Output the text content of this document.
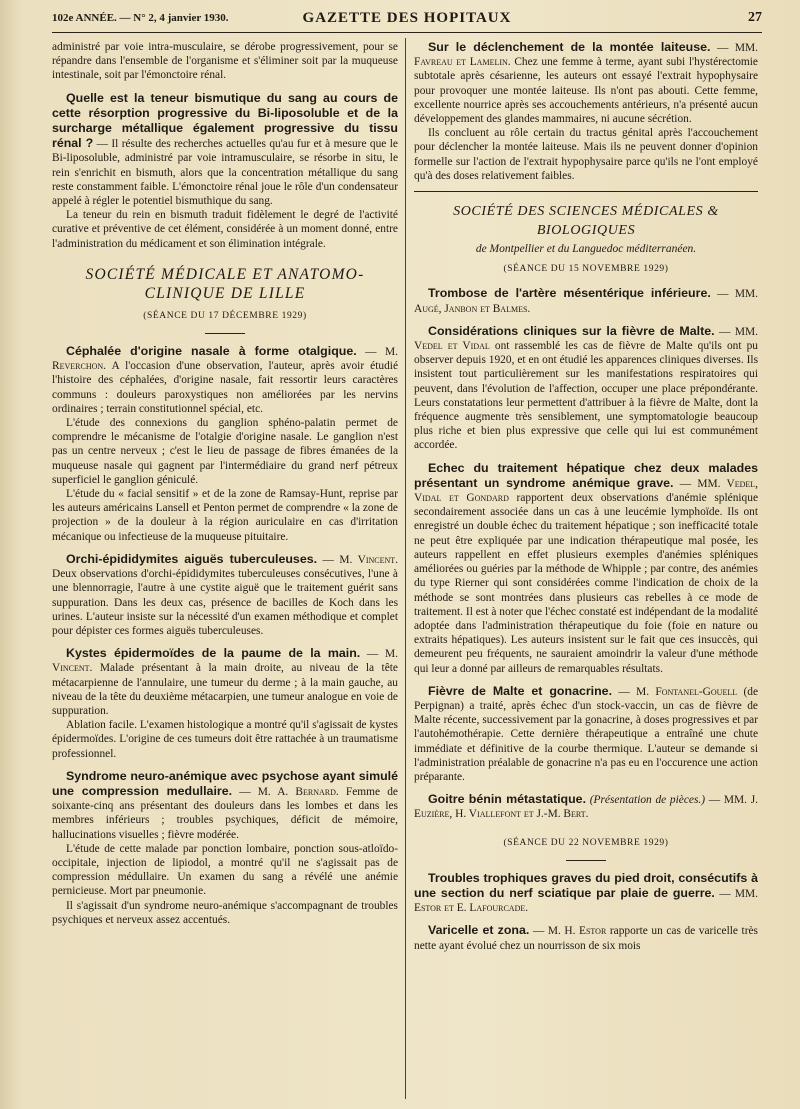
102e ANNÉE. — N° 2, 4 janvier 1930.	GAZETTE DES HOPITAUX	27

administré par voie intra-musculaire, se dérobe progressivement, pour se répandre dans l'ensemble de l'organisme et s'éliminer soit par la muqueuse intestinale, soit par l'émonctoire rénal.

Quelle est la teneur bismutique du sang au cours de cette résorption progressive du Bi-liposoluble et de la surcharge métallique également progressive du tissu rénal ? — Il résulte des recherches actuelles qu'au fur et à mesure que le Bi-liposoluble, administré par voie intramusculaire, se résorbe in situ, le rein s'enrichit en bismuth, alors que la concentration métallique du sang reste constamment faible. L'émonctoire rénal joue le rôle d'un condensateur appelé à régler le potentiel bismuthique du sang.

La teneur du rein en bismuth traduit fidèlement le degré de l'activité curative et préventive de cet élément, considérée à un moment donné, entre l'administration du médicament et son élimination intégrale.

SOCIÉTÉ MÉDICALE ET ANATOMO-CLINIQUE DE LILLE
(SÉANCE DU 17 DÉCEMBRE 1929)

Céphalée d'origine nasale à forme otalgique. — M. Reverchon. A l'occasion d'une observation, l'auteur, après avoir étudié l'histoire des céphalées, d'origine nasale, fait ressortir leurs caractères communs : douleurs paroxystiques non améliorées par les nervins ordinaires ; terrain constitutionnel spécial, etc.

L'étude des connexions du ganglion sphéno-palatin permet de comprendre le mécanisme de l'otalgie d'origine nasale. Le ganglion n'est pas un centre nerveux ; c'est le lieu de passage de fibres émanées de la muqueuse nasale qui gagnent par l'intermédiaire du grand nerf pétreux superficiel le ganglion géniculé.

L'étude du « facial sensitif » et de la zone de Ramsay-Hunt, reprise par les auteurs américains Lansell et Penton permet de comprendre « la zone de projection » de la douleur à la région auriculaire en cas d'irritation mécanique ou infectieuse de la muqueuse pituitaire.

Orchi-épididymites aiguës tuberculeuses. — M. Vincent. Deux observations d'orchi-épididymites tuberculeuses consécutives, l'une à une blennorragie, l'autre à une cystite aiguë que le traitement guérit sans suppuration. Dans les deux cas, présence de bacilles de Koch dans les urines. L'auteur insiste sur la nécessité d'un examen méthodique et complet pour dépister ces formes aiguës tuberculeuses.

Kystes épidermoïdes de la paume de la main. — M. Vincent. Malade présentant à la main droite, au niveau de la tête métacarpienne de l'annulaire, une tumeur du derme ; à la main gauche, au niveau de la tête du deuxième métacarpien, une tumeur analogue en voie de suppuration.

Ablation facile. L'examen histologique a montré qu'il s'agissait de kystes épidermoïdes. L'origine de ces tumeurs doit être rattachée à un traumatisme professionnel.

Syndrome neuro-anémique avec psychose ayant simulé une compression medullaire. — M. A. Bernard. Femme de soixante-cinq ans présentant des douleurs dans les lombes et dans les membres inférieurs ; troubles psychiques, déficit de mémoire, hallucinations visuelles ; fièvre modérée.

L'étude de cette malade par ponction lombaire, ponction sous-atloïdo-occipitale, injection de lipiodol, a montré qu'il ne s'agissait pas de compression médullaire. Un examen du sang a révélé une anémie pernicieuse. Mort par pneumonie.

Il s'agissait d'un syndrome neuro-anémique s'accompagnant de troubles psychiques et nerveux assez accentués.

Sur le déclenchement de la montée laiteuse. — MM. Favreau et Lamelin. Chez une femme à terme, ayant subi l'hystérectomie subtotale après césarienne, les auteurs ont essayé l'extrait hypophysaire pour provoquer une montée laiteuse. Ils n'ont pas abouti. Cette femme, excellente nourrice après ses accouchements antérieurs, n'a présenté aucun développement des glandes mammaires, ni aucune sécrétion.

Ils concluent au rôle certain du tractus génital après l'accouchement pour déclencher la montée laiteuse. Mais ils ne peuvent donner d'opinion formelle sur l'action de l'extrait hypophysaire parce qu'ils ne l'ont employé qu'à des doses relativement faibles.

SOCIÉTÉ DES SCIENCES MÉDICALES & BIOLOGIQUES
de Montpellier et du Languedoc méditerranéen.
(SÉANCE DU 15 NOVEMBRE 1929)

Trombose de l'artère mésentérique inférieure. — MM. Augé, Janbon et Balmes.

Considérations cliniques sur la fièvre de Malte. — MM. Vedel et Vidal ont rassemblé les cas de fièvre de Malte qu'ils ont pu observer depuis 1920, et en ont étudié les apparences cliniques diverses. Ils insistent tout particulièrement sur les manifestations respiratoires qui peuvent, dans l'évolution de l'affection, occuper une place prépondérante. Leurs constatations leur permettent d'attribuer à la fièvre de Malte, dont la fréquence augmente très sensiblement, une symptomatologie beaucoup plus riche et bien plus expressive que celle qui lui est communément accordée.

Echec du traitement hépatique chez deux malades présentant un syndrome anémique grave. — MM. Vedel, Vidal et Gondard rapportent deux observations d'anémie splénique secondairement associée dans un cas à une leucémie lymphoïde. Ils ont enregistré un double échec du traitement hépatique ; son inefficacité totale ne peut être expliquée par une indication thérapeutique mal posée, les auteurs rappellent en effet plusieurs exemples d'anémies spléniques améliorées ou guéries par la méthode de Whipple ; par contre, des anémies du type Rierner qui sont considérées comme l'indication de choix de la méthode se sont montrées dans plusieurs cas rebelles à ce mode de traitement. Il est à noter que l'échec constaté est indépendant de la modalité adoptée dans l'administration thérapeutique du foie (foie en nature ou extraits hépatiques). Les auteurs insistent sur le fait que ces insuccès, qui demeurent peu fréquents, ne sauraient amoindrir la valeur d'une méthode qui leur a donné par ailleurs de remarquables résultats.

Fièvre de Malte et gonacrine. — M. Fontanel-Gouell (de Perpignan) a traité, après échec d'un stock-vaccin, un cas de fièvre de Malte récente, successivement par la gonacrine, à doses progressives et par l'autohémothérapie. Cette dernière thérapeutique a entraîné une chute immédiate et définitive de la courbe thermique. L'auteur se demande si l'administration préalable de gonacrine n'a pas eu en l'occurence une action préparante.

Goitre bénin métastatique. (Présentation de pièces.) — MM. J. Euzière, H. Viallefont et J.-M. Bert.

(SÉANCE DU 22 NOVEMBRE 1929)

Troubles trophiques graves du pied droit, consécutifs à une section du nerf sciatique par plaie de guerre. — MM. Estor et E. Lafourcade.

Varicelle et zona. — M. H. Estor rapporte un cas de varicelle très nette ayant évolué chez un nourrisson de six mois
